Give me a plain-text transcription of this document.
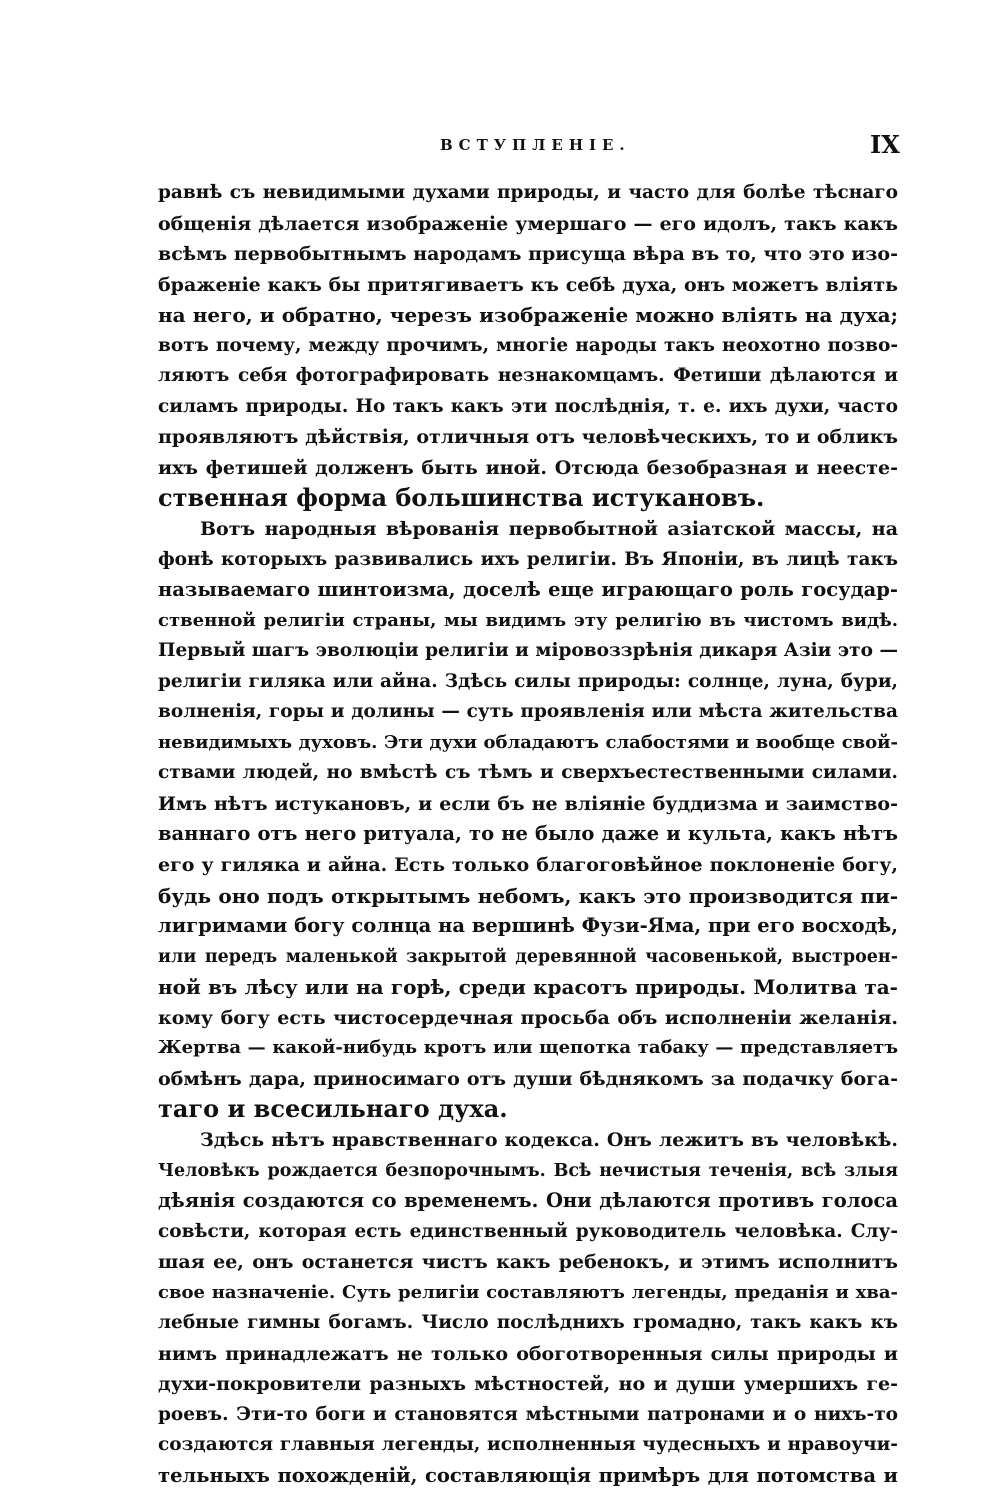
ВСТУПЛЕНІЕ.	IX
равнѣ съ невидимыми духами природы, и часто для болѣе тѣснаго
общенія дѣлается изображеніе умершаго — его идолъ, такъ какъ
всѣмъ первобытнымъ народамъ присуща вѣра въ то, что это изо-
браженіе какъ бы притягиваетъ къ себѣ духа, онъ можетъ вліять
на него, и обратно, черезъ изображеніе можно вліять на духа;
вотъ почему, между прочимъ, многіе народы такъ неохотно позво-
ляютъ себя фотографировать незнакомцамъ. Фетиши дѣлаются и
силамъ природы. Но такъ какъ эти послѣднія, т. е. ихъ духи, часто
проявляютъ дѣйствія, отличныя отъ человѣческихъ, то и обликъ
ихъ фетишей долженъ быть иной. Отсюда безобразная и неесте-
ственная форма большинства истукановъ.
Вотъ народныя вѣрованія первобытной азіатской массы, на
фонѣ которыхъ развивались ихъ религіи. Въ Японіи, въ лицѣ такъ
называемаго шинтоизма, доселѣ еще играющаго роль государ-
ственной религіи страны, мы видимъ эту религію въ чистомъ видѣ.
Первый шагъ эволюціи религіи и міровоззрѣнія дикаря Азіи это —
религіи гиляка или айна. Здѣсь силы природы: солнце, луна, бури,
волненія, горы и долины — суть проявленія или мѣста жительства
невидимыхъ духовъ. Эти духи обладаютъ слабостями и вообще свой-
ствами людей, но вмѣстѣ съ тѣмъ и сверхъестественными силами.
Имъ нѣтъ истукановъ, и если бъ не вліяніе буддизма и заимство-
ваннаго отъ него ритуала, то не было даже и культа, какъ нѣтъ
его у гиляка и айна. Есть только благоговѣйное поклоненіе богу,
будь оно подъ открытымъ небомъ, какъ это производится пи-
лигримами богу солнца на вершинѣ Фузи-Яма, при его восходѣ,
или передъ маленькой закрытой деревянной часовенькой, выстроен-
ной въ лѣсу или на горѣ, среди красотъ природы. Молитва та-
кому богу есть чистосердечная просьба объ исполненіи желанія.
Жертва — какой-нибудь кротъ или щепотка табаку — представляетъ
обмѣнъ дара, приносимаго отъ души бѣднякомъ за подачку бога-
таго и всесильнаго духа.
Здѣсь нѣтъ нравственнаго кодекса. Онъ лежитъ въ человѣкѣ.
Человѣкъ рождается безпорочнымъ. Всѣ нечистыя теченія, всѣ злыя
дѣянія создаются со временемъ. Они дѣлаются противъ голоса
совѣсти, которая есть единственный руководитель человѣка. Слу-
шая ее, онъ останется чистъ какъ ребенокъ, и этимъ исполнитъ
свое назначеніе. Суть религіи составляютъ легенды, преданія и хва-
лебные гимны богамъ. Число послѣднихъ громадно, такъ какъ къ
нимъ принадлежатъ не только обоготворенныя силы природы и
духи-покровители разныхъ мѣстностей, но и души умершихъ ге-
роевъ. Эти-то боги и становятся мѣстными патронами и о нихъ-то
создаются главныя легенды, исполненныя чудесныхъ и нравоучи-
тельныхъ похожденій, составляющія примѣръ для потомства и
